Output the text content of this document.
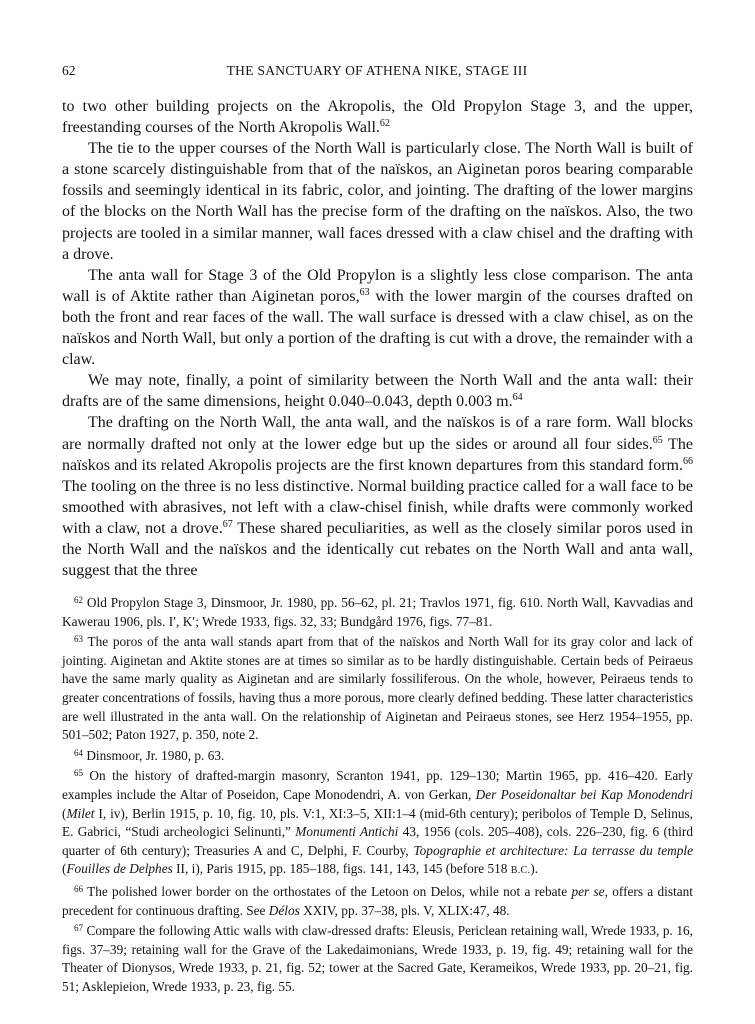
62	THE SANCTUARY OF ATHENA NIKE, STAGE III

to two other building projects on the Akropolis, the Old Propylon Stage 3, and the upper, freestanding courses of the North Akropolis Wall.$^{62}$

The tie to the upper courses of the North Wall is particularly close. The North Wall is built of a stone scarcely distinguishable from that of the naïskos, an Aiginetan poros bearing comparable fossils and seemingly identical in its fabric, color, and jointing. The drafting of the lower margins of the blocks on the North Wall has the precise form of the drafting on the naïskos. Also, the two projects are tooled in a similar manner, wall faces dressed with a claw chisel and the drafting with a drove.

The anta wall for Stage 3 of the Old Propylon is a slightly less close comparison. The anta wall is of Aktite rather than Aiginetan poros,$^{63}$ with the lower margin of the courses drafted on both the front and rear faces of the wall. The wall surface is dressed with a claw chisel, as on the naïskos and North Wall, but only a portion of the drafting is cut with a drove, the remainder with a claw.

We may note, finally, a point of similarity between the North Wall and the anta wall: their drafts are of the same dimensions, height 0.040–0.043, depth 0.003 m.$^{64}$

The drafting on the North Wall, the anta wall, and the naïskos is of a rare form. Wall blocks are normally drafted not only at the lower edge but up the sides or around all four sides.$^{65}$ The naïskos and its related Akropolis projects are the first known departures from this standard form.$^{66}$ The tooling on the three is no less distinctive. Normal building practice called for a wall face to be smoothed with abrasives, not left with a claw-chisel finish, while drafts were commonly worked with a claw, not a drove.$^{67}$ These shared peculiarities, as well as the closely similar poros used in the North Wall and the naïskos and the identically cut rebates on the North Wall and anta wall, suggest that the three

$^{62}$ Old Propylon Stage 3, Dinsmoor, Jr. 1980, pp. 56–62, pl. 21; Travlos 1971, fig. 610. North Wall, Kavvadias and Kawerau 1906, pls. I′, K′; Wrede 1933, figs. 32, 33; Bundgård 1976, figs. 77–81.

$^{63}$ The poros of the anta wall stands apart from that of the naïskos and North Wall for its gray color and lack of jointing. Aiginetan and Aktite stones are at times so similar as to be hardly distinguishable. Certain beds of Peiraeus have the same marly quality as Aiginetan and are similarly fossiliferous. On the whole, however, Peiraeus tends to greater concentrations of fossils, having thus a more porous, more clearly defined bedding. These latter characteristics are well illustrated in the anta wall. On the relationship of Aiginetan and Peiraeus stones, see Herz 1954–1955, pp. 501–502; Paton 1927, p. 350, note 2.

$^{64}$ Dinsmoor, Jr. 1980, p. 63.

$^{65}$ On the history of drafted-margin masonry, Scranton 1941, pp. 129–130; Martin 1965, pp. 416–420. Early examples include the Altar of Poseidon, Cape Monodendri, A. von Gerkan, Der Poseidonaltar bei Kap Monodendri (Milet I, iv), Berlin 1915, p. 10, fig. 10, pls. V:1, XI:3–5, XII:1–4 (mid-6th century); peribolos of Temple D, Selinus, E. Gabrici, “Studi archeologici Selinunti,” Monumenti Antichi 43, 1956 (cols. 205–408), cols. 226–230, fig. 6 (third quarter of 6th century); Treasuries A and C, Delphi, F. Courby, Topographie et architecture: La terrasse du temple (Fouilles de Delphes II, i), Paris 1915, pp. 185–188, figs. 141, 143, 145 (before 518 B.C.).

$^{66}$ The polished lower border on the orthostates of the Letoon on Delos, while not a rebate per se, offers a distant precedent for continuous drafting. See Délos XXIV, pp. 37–38, pls. V, XLIX:47, 48.

$^{67}$ Compare the following Attic walls with claw-dressed drafts: Eleusis, Periclean retaining wall, Wrede 1933, p. 16, figs. 37–39; retaining wall for the Grave of the Lakedaimonians, Wrede 1933, p. 19, fig. 49; retaining wall for the Theater of Dionysos, Wrede 1933, p. 21, fig. 52; tower at the Sacred Gate, Kerameikos, Wrede 1933, pp. 20–21, fig. 51; Asklepieion, Wrede 1933, p. 23, fig. 55.
